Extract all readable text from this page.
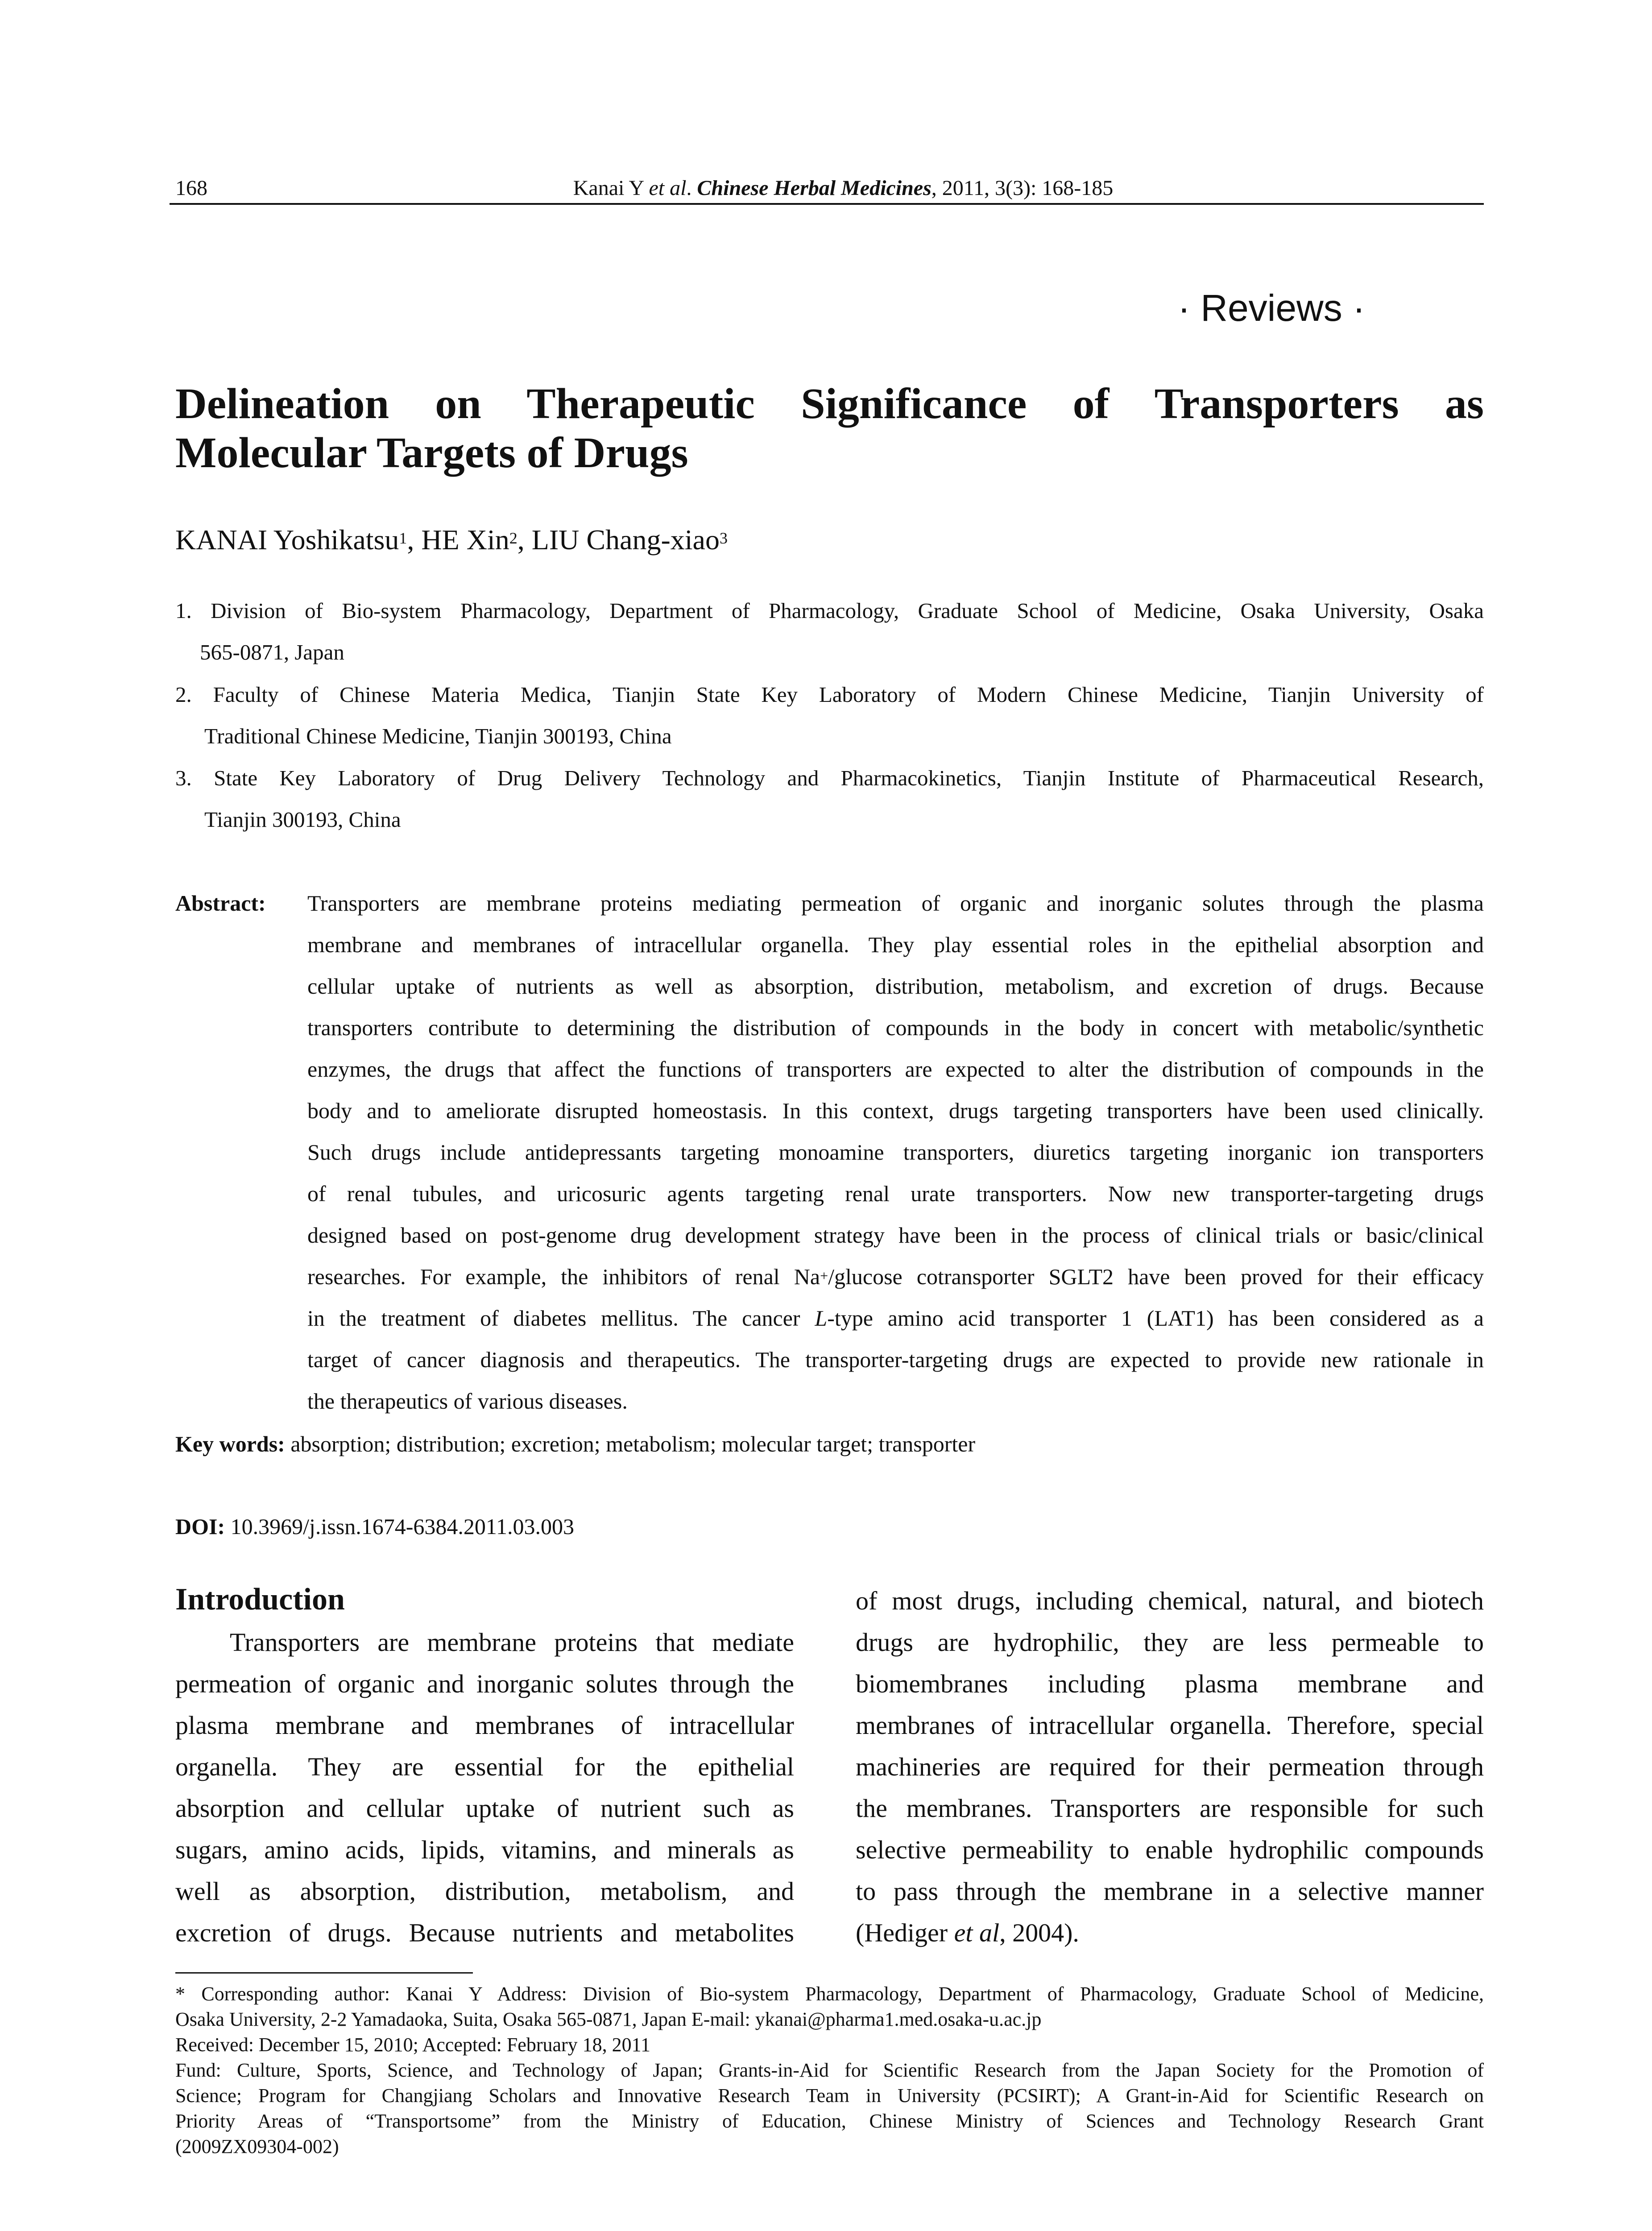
168	Kanai Y et al. Chinese Herbal Medicines, 2011, 3(3): 168-185
· Reviews ·
Delineation on Therapeutic Significance of Transporters as
Molecular Targets of Drugs
KANAI Yoshikatsu$^1$, HE Xin$^2$, LIU Chang-xiao$^3$
1. Division of Bio-system Pharmacology, Department of Pharmacology, Graduate School of Medicine, Osaka University, Osaka
565-0871, Japan
2. Faculty of Chinese Materia Medica, Tianjin State Key Laboratory of Modern Chinese Medicine, Tianjin University of
Traditional Chinese Medicine, Tianjin 300193, China
3. State Key Laboratory of Drug Delivery Technology and Pharmacokinetics, Tianjin Institute of Pharmaceutical Research,
Tianjin 300193, China
Abstract: Transporters are membrane proteins mediating permeation of organic and inorganic solutes through the plasma
membrane and membranes of intracellular organella. They play essential roles in the epithelial absorption and
cellular uptake of nutrients as well as absorption, distribution, metabolism, and excretion of drugs. Because
transporters contribute to determining the distribution of compounds in the body in concert with metabolic/synthetic
enzymes, the drugs that affect the functions of transporters are expected to alter the distribution of compounds in the
body and to ameliorate disrupted homeostasis. In this context, drugs targeting transporters have been used clinically.
Such drugs include antidepressants targeting monoamine transporters, diuretics targeting inorganic ion transporters
of renal tubules, and uricosuric agents targeting renal urate transporters. Now new transporter-targeting drugs
designed based on post-genome drug development strategy have been in the process of clinical trials or basic/clinical
researches. For example, the inhibitors of renal Na+/glucose cotransporter SGLT2 have been proved for their efficacy
in the treatment of diabetes mellitus. The cancer L-type amino acid transporter 1 (LAT1) has been considered as a
target of cancer diagnosis and therapeutics. The transporter-targeting drugs are expected to provide new rationale in
the therapeutics of various diseases.
Key words: absorption; distribution; excretion; metabolism; molecular target; transporter
DOI: 10.3969/j.issn.1674-6384.2011.03.003
Introduction
Transporters are membrane proteins that mediate
permeation of organic and inorganic solutes through the
plasma membrane and membranes of intracellular
organella. They are essential for the epithelial
absorption and cellular uptake of nutrient such as
sugars, amino acids, lipids, vitamins, and minerals as
well as absorption, distribution, metabolism, and
excretion of drugs. Because nutrients and metabolites
of most drugs, including chemical, natural, and biotech
drugs are hydrophilic, they are less permeable to
biomembranes including plasma membrane and
membranes of intracellular organella. Therefore, special
machineries are required for their permeation through
the membranes. Transporters are responsible for such
selective permeability to enable hydrophilic compounds
to pass through the membrane in a selective manner
(Hediger et al, 2004).
* Corresponding author: Kanai Y Address: Division of Bio-system Pharmacology, Department of Pharmacology, Graduate School of Medicine,
Osaka University, 2-2 Yamadaoka, Suita, Osaka 565-0871, Japan E-mail: ykanai@pharma1.med.osaka-u.ac.jp
Received: December 15, 2010; Accepted: February 18, 2011
Fund: Culture, Sports, Science, and Technology of Japan; Grants-in-Aid for Scientific Research from the Japan Society for the Promotion of
Science; Program for Changjiang Scholars and Innovative Research Team in University (PCSIRT); A Grant-in-Aid for Scientific Research on
Priority Areas of “Transportsome” from the Ministry of Education, Chinese Ministry of Sciences and Technology Research Grant
(2009ZX09304-002)
